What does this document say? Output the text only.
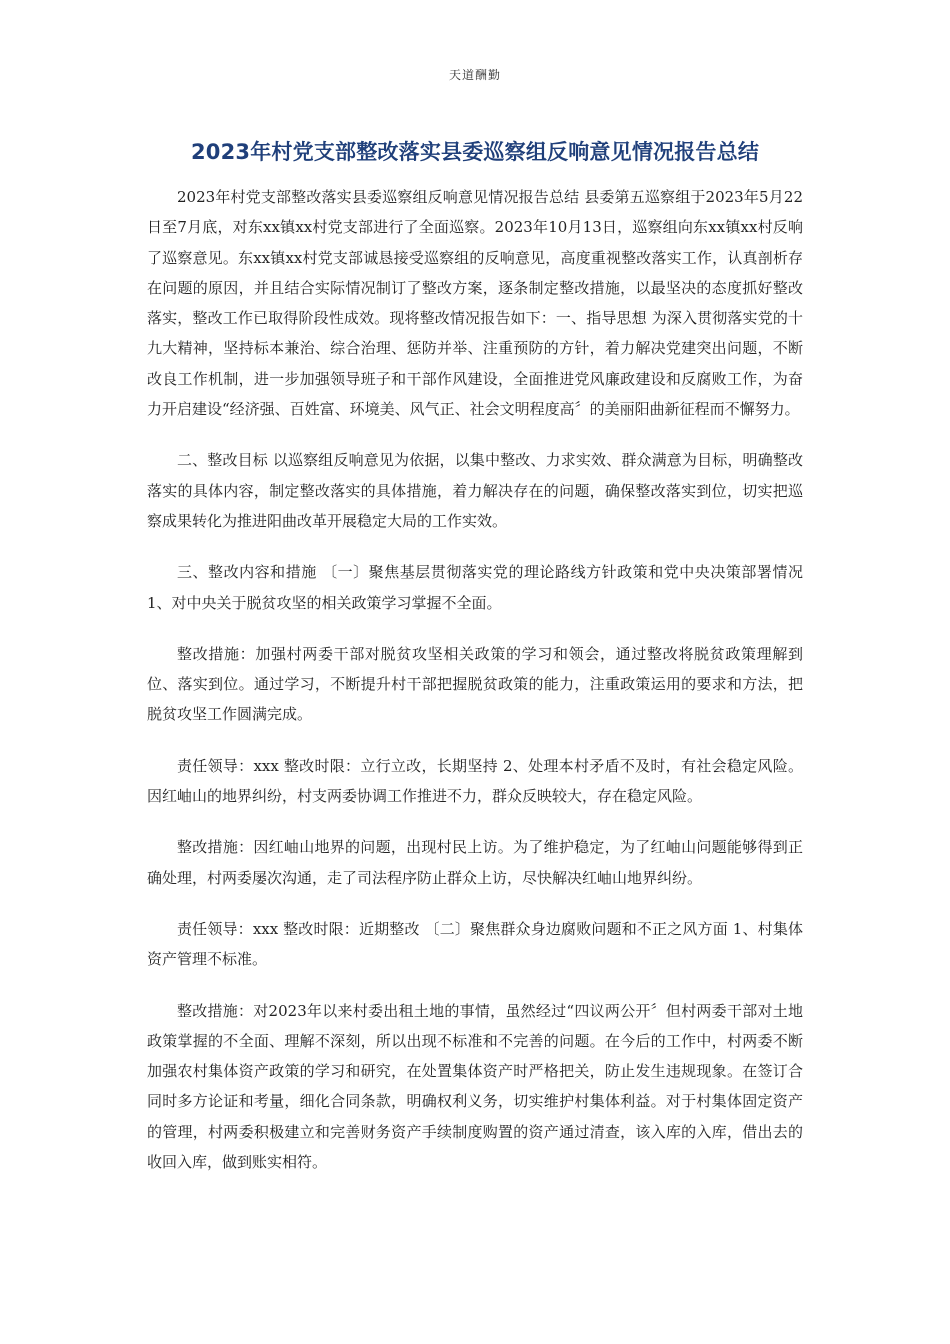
天道酬勤
2023年村党支部整改落实县委巡察组反响意见情况报告总结

2023年村党支部整改落实县委巡察组反响意见情况报告总结 县委第五巡察组于2023年5月22日至7月底，对东xx镇xx村党支部进行了全面巡察。2023年10月13日，巡察组向东xx镇xx村反响了巡察意见。东xx镇xx村党支部诚恳接受巡察组的反响意见，高度重视整改落实工作，认真剖析存在问题的原因，并且结合实际情况制订了整改方案，逐条制定整改措施，以最坚决的态度抓好整改落实，整改工作已取得阶段性成效。现将整改情况报告如下：一、指导思想 为深入贯彻落实党的十九大精神，坚持标本兼治、综合治理、惩防并举、注重预防的方针，着力解决党建突出问题，不断改良工作机制，进一步加强领导班子和干部作风建设，全面推进党风廉政建设和反腐败工作，为奋力开启建设“经济强、百姓富、环境美、风气正、社会文明程度高〞的美丽阳曲新征程而不懈努力。

二、整改目标 以巡察组反响意见为依据，以集中整改、力求实效、群众满意为目标，明确整改落实的具体内容，制定整改落实的具体措施，着力解决存在的问题，确保整改落实到位，切实把巡察成果转化为推进阳曲改革开展稳定大局的工作实效。

三、整改内容和措施 〔一〕聚焦基层贯彻落实党的理论路线方针政策和党中央决策部署情况 1、对中央关于脱贫攻坚的相关政策学习掌握不全面。

整改措施：加强村两委干部对脱贫攻坚相关政策的学习和领会，通过整改将脱贫政策理解到位、落实到位。通过学习，不断提升村干部把握脱贫政策的能力，注重政策运用的要求和方法，把脱贫攻坚工作圆满完成。

责任领导：xxx 整改时限：立行立改，长期坚持 2、处理本村矛盾不及时，有社会稳定风险。因红岫山的地界纠纷，村支两委协调工作推进不力，群众反映较大，存在稳定风险。

整改措施：因红岫山地界的问题，出现村民上访。为了维护稳定，为了红岫山问题能够得到正确处理，村两委屡次沟通，走了司法程序防止群众上访，尽快解决红岫山地界纠纷。

责任领导：xxx 整改时限：近期整改 〔二〕聚焦群众身边腐败问题和不正之风方面 1、村集体资产管理不标准。

整改措施：对2023年以来村委出租土地的事情，虽然经过“四议两公开〞但村两委干部对土地政策掌握的不全面、理解不深刻，所以出现不标准和不完善的问题。在今后的工作中，村两委不断加强农村集体资产政策的学习和研究，在处置集体资产时严格把关，防止发生违规现象。在签订合同时多方论证和考量，细化合同条款，明确权利义务，切实维护村集体利益。对于村集体固定资产的管理，村两委积极建立和完善财务资产手续制度购置的资产通过清查，该入库的入库，借出去的收回入库，做到账实相符。
